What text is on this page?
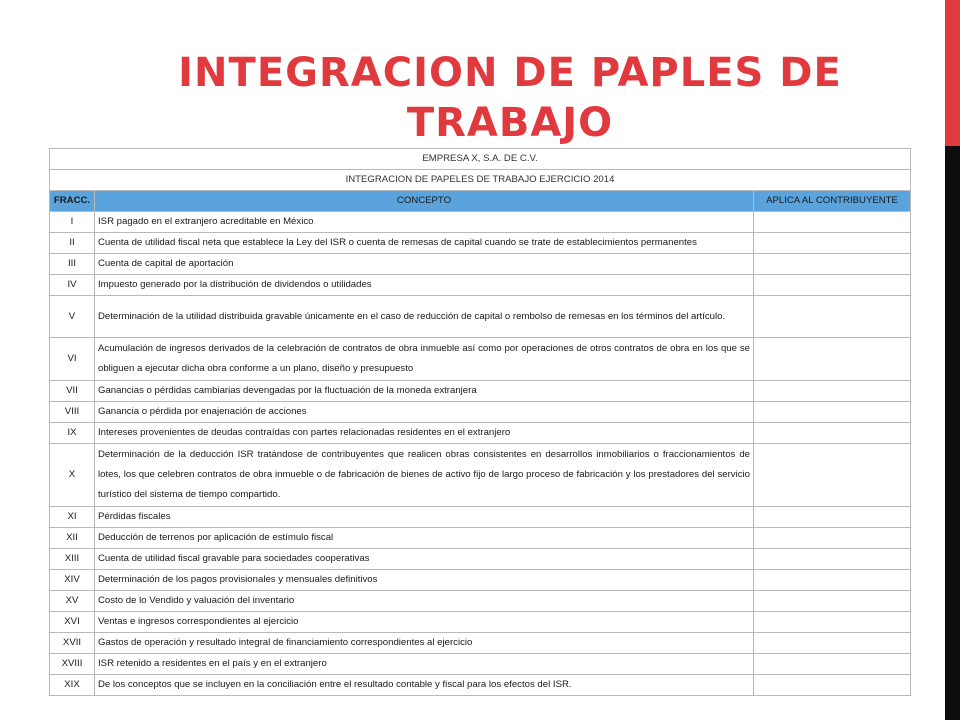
INTEGRACION DE PAPLES DE TRABAJO
EMPRESA X, S.A. DE C.V.		
INTEGRACION DE PAPELES DE TRABAJO EJERCICIO 2014		
FRACC.	CONCEPTO	APLICA AL CONTRIBUYENTE
I	ISR pagado en el extranjero acreditable en México	
II	Cuenta de utilidad fiscal neta que establece la Ley del ISR o cuenta de remesas de capital cuando se trate de establecimientos permanentes	
III	Cuenta de capital de aportación	
IV	Impuesto generado por la distribución de dividendos o utilidades	
V	Determinación de la utilidad distribuida gravable únicamente en el caso de reducción de capital o rembolso de remesas en los términos del artículo.	
VI	Acumulación de ingresos derivados de la celebración de contratos de obra inmueble así como por operaciones de otros contratos de obra en los que se obliguen a ejecutar dicha obra conforme a un plano, diseño y presupuesto	
VII	Ganancias o pérdidas cambiarias devengadas por la fluctuación de la moneda extranjera	
VIII	Ganancia o pérdida por enajenación de acciones	
IX	Intereses provenientes de deudas contraídas con partes relacionadas residentes en el extranjero	
X	Determinación de la deducción ISR tratándose de contribuyentes que realicen obras consistentes en desarrollos inmobiliarios o fraccionamientos de lotes, los que celebren contratos de obra inmueble o de fabricación de bienes de activo fijo de largo proceso de fabricación y los prestadores del servicio turístico del sistema de tiempo compartido.	
XI	Pérdidas fiscales	
XII	Deducción de terrenos por aplicación de estímulo fiscal	
XIII	Cuenta de utilidad fiscal gravable para sociedades cooperativas	
XIV	Determinación de los pagos provisionales y mensuales definitivos	
XV	Costo de lo Vendido y valuación del inventario	
XVI	Ventas e ingresos correspondientes al ejercicio	
XVII	Gastos de operación y resultado integral de financiamiento correspondientes al ejercicio	
XVIII	ISR retenido a residentes en el país y en el extranjero	
XIX	De los conceptos que se incluyen en la conciliación entre el resultado contable y fiscal para los efectos del ISR.	
